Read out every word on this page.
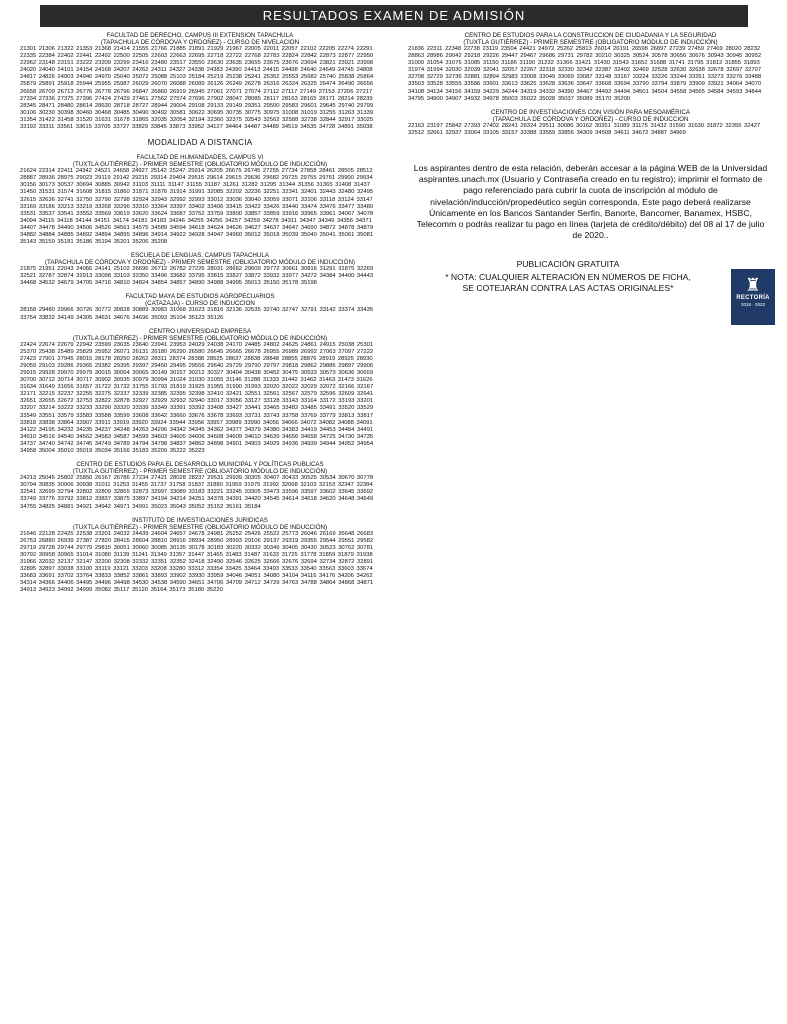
RESULTADOS EXAMEN DE ADMISIÓN
FACULTAD DE DERECHO, CAMPUS III EXTENSION TAPACHULA
(TAPACHULA DE CÓRDOVA Y ORDOÑEZ) - CURSO DE NIVELACION
21301 21306 21322 21353 21368 21414 21555 21766 21885 21891 21929 21967 22005 22011 22057 22102 22205 22274 22291 22335 22384 22402 22441 22492 22500 22505 22603 22663 22695 22718 22722 22768 22783 22824 22842 22873 22877 22950 22962 23148 23151 23222 23209 23299 23416 23480 23517 23550 23630 23635 23655 23675 23676 23694 23821 23921 23998 24020 24040 24101 24154 24168 24207 24262 24311 24327 24338 24383 24390 24413 24415 24498 24640 24649 24745 24808 24817 24826 24903 24940 24970 25040 25072 25088 25103 25184 25219 25238 25241 25352 25553 25682 25740 25838 25864 25879 25891 25918 25944 25955 25987 26029 26070 26088 26089 26126 26249 26278 26316 26324 26325 26474 26490 26656 26658 26709 26713 26776 26778 26796 26847 26860 26919 26945 27061 27071 27074 27112 27117 27149 27153 27206 27217 27334 27336 27375 27396 27424 27429 27461 27562 27574 27696 27902 28047 28085 28117 28163 28165 28171 28214 28239 28345 28471 28480 28614 28630 28718 28727 28944 29004 29108 29133 29149 29351 29500 29583 29601 29645 29740 29799 30106 30230 30398 30460 30468 30485 30490 30492 30581 30622 30695 30735 30775 30975 31008 31019 31255 31263 31339 31354 31422 31458 31520 31631 31678 31865 32035 32054 32194 32360 32375 32543 32562 32588 32738 32844 32917 33025 33192 33311 33561 33615 33705 33727 33829 33845 33873 33952 34127 34464 34487 34489 34519 34535 34728 34891 35038
MODALIDAD A DISTANCIA
FACULTAD DE HUMANIDADES, CAMPUS VI
(TUXTLA GUTIÉRREZ) - PRIMER SEMESTRE (OBLIGATORIO MÓDULO DE INDUCCIÓN)
21624 22314 22411 24342 24521 24658 24927 25142 25247 25914 26205 26675 26745 27255 27734 27858 28461 28505 28512 28887 28936 28975 29023 29119 29142 29215 29314 29404 29515 29614 29615 29636 29682 29725 29755 29761 29900 29934 30156 30173 30537 30694 30885 30942 31103 31111 31147 31155 31187 31261 31282 31295 31344 31356 31365 31408 31437 31450 31531 31574 31608 31815 31860 31871 31876 31914 31991 32085 32202 32236 32251 32341 32401 32443 32480 32495 32615 32636 32741 32750 32790 32798 32924 32943 32992 32993 33012 33036 33040 33059 33071 33106 33118 33124 33147 33169 33186 33213 33219 33268 33296 33310 33364 33397 33402 33406 33415 33422 33426 33440 33474 33476 33477 33480 33531 33537 33541 33552 33569 33619 33620 33624 33687 33752 33759 33800 33857 33859 33916 33965 33961 34067 34078 34094 34115 34118 34144 34151 34174 34181 34183 34246 34255 34256 34257 34259 34278 34311 34347 34349 34356 34371 34407 34478 34490 34506 34526 34561 34575 34589 34594 34618 34624 34626 34627 34637 34647 34690 34872 34878 34879 34882 34884 34885 34892 34894 34895 34896 34914 34922 34928 34947 34960 35012 35018 35039 35040 35041 35061 35081 35143 35159 35181 35186 35194 35201 35206 35208
ESCUELA DE LENGUAS, CAMPUS TAPACHULA
(TAPACHULA DE CÓRDOVA Y ORDOÑEZ) - PRIMER SEMESTRE (OBLIGATORIO MÓDULO DE INDUCCIÓN)
21875 21951 22043 24066 24141 25102 26696 26712 26782 27226 28031 28662 29609 29772 30661 30816 31291 31875 32269 32521 32787 32874 32913 33098 33103 33350 33496 33682 33795 33815 33827 33872 33932 33977 34272 34384 34400 34443 34468 34532 34679 34705 34716 34810 34824 34854 34857 34890 34988 34995 35013 35150 35178 35198
FACULTAD MAYA DE ESTUDIOS AGROPECUARIOS
(CATAZAJA) - CURSO DE INDUCCION
28158 29480 29966 30726 30772 30828 30889 30983 31068 31623 31816 32136 32535 32740 32747 32791 33142 33374 33435 33754 33832 34149 34305 34631 34676 34696 35093 35104 35123 35126
CENTRO UNIVERSIDAD EMPRESA
(TUXTLA GUTIÉRREZ) - PRIMER SEMESTRE (OBLIGATORIO MÓDULO DE INDUCCIÓN)
22424 22674 22679 22942 23599 23635 23640 23941 23953 24029 24038 24170 24485 24802 24625 24861 24915 25038 25301 25370 25438 25489 25829 25952 26071 26131 26180 26290 26580 26645 26665 26678 26955 26989 26992 27063 27097 27222 27423 27901 27945 28015 28178 28250 28262 28311 28374 28388 28525 28637 28838 28848 28855 28876 28919 28925 28930 29059 29103 29286 29365 29382 29395 29397 29450 29495 29556 29640 29729 29790 29797 29818 29862 29886 29897 29906 29915 29928 29970 29979 30015 30064 30065 30149 30157 30212 30327 30404 30438 30452 30475 30533 30573 30636 30659 30700 30712 30714 30717 30902 30935 30979 30994 31024 31030 31055 31146 31288 31333 31442 31462 31463 31473 31626 31634 31649 31656 31657 31722 31732 31755 31793 31819 31925 31955 31990 31993 32020 32022 32029 32072 32166 32167 32171 32215 32237 32255 32275 32337 32339 32385 32395 32398 32410 32421 32551 32561 32567 32579 32596 32609 32641 32651 32655 32672 32753 32822 32878 32927 32929 32932 32940 33017 33056 33127 33128 33143 33164 33172 33193 33201 33207 33214 33222 33233 33290 33320 33339 33349 33391 33392 33408 33427 33441 33465 33482 33485 33491 33520 33529 33549 33551 33579 33583 33588 33599 33608 33642 33660 33676 33678 33693 33731 33743 33758 33769 33779 33813 33817 33818 33838 33864 33907 33911 33919 33920 33924 33944 33956 33957 33989 33990 34056 34066 34072 34082 34088 34091 34122 34195 34232 34235 34237 34248 34263 34296 34342 34345 34362 34377 34379 34380 34383 34419 34453 34484 34491 34510 34516 34540 34562 34583 34587 34599 34603 34605 34606 34608 34609 34610 34639 34656 34658 34725 34730 34735 34737 34740 34742 34745 34749 34789 34794 34798 34837 34862 34898 34901 34903 34929 34936 34939 34944 34952 34954 34958 35004 35010 35019 35034 35166 35183 35209 35222 35223
CENTRO DE ESTUDIOS PARA EL DESARROLLO MUNICIPAL Y POLÍTICAS PUBLICAS
(TUXTLA GUTIÉRREZ) - PRIMER SEMESTRE (OBLIGATORIO MÓDULO DE INDUCCIÓN)
24213 25045 25802 25850 26167 26786 27234 27421 28028 28237 29531 29939 30305 30407 30433 30525 30534 30670 30778 30794 30835 30906 30938 31011 31253 31455 31737 31758 31837 31880 31959 31975 31992 32068 32103 32153 32347 32384 32541 32699 32794 32802 32809 32865 32873 32997 33089 33183 33221 33245 33305 33473 33596 33597 33602 33645 33692 33749 33776 33792 33812 33837 33875 33897 34194 34214 34251 34378 34391 34420 34545 34614 34618 34620 34648 34649 34755 34825 34881 34921 34942 34971 34991 35023 35043 35052 35152 35161 35184
INSTITUTO DE INVESTIGACIONES JURIDICAS
(TUXTLA GUTIÉRREZ) - PRIMER SEMESTRE (OBLIGATORIO MÓDULO DE INDUCCIÓN)
21646 22128 22425 22538 23201 24032 24439 24604 24657 24678 24981 25252 25426 25522 25773 26046 26169 26648 26683 26753 26880 26939 27387 27820 28415 28604 28810 28916 28934 28950 28993 29106 29137 29319 29355 29544 29551 29582 29719 29728 29744 29779 29815 30051 30060 30085 30135 30178 30183 30220 30332 30349 30405 30430 30523 30762 30781 30792 30958 30965 31014 31080 31139 31241 31349 31357 31447 31465 31483 31487 31633 31725 31778 31859 31879 31938 31966 32032 32137 32147 32200 32308 32332 32351 32352 32418 32490 32546 32625 32666 32676 32694 32734 32872 32891 32895 32897 33038 33100 33119 33121 33203 33208 33280 33312 33354 33425 33464 33493 33533 33540 33563 33603 33674 33683 33691 33702 33764 33833 33852 33861 33893 33902 33930 33959 34046 34051 34080 34104 34116 34176 34206 34262 34314 34366 34406 34495 34496 34498 34530 34538 34590 34651 34706 34709 34712 34729 34763 34788 34864 34868 34871 34913 34923 34992 34999 35082 35117 35120 35164 35173 35180 35220
CENTRO DE ESTUDIOS PARA LA CONSTRUCCION DE CIUDADANIA Y LA SEGURIDAD
(TUXTLA GUTIÉRREZ) - PRIMER SEMESTRE (OBLIGATORIO MÓDULO DE INDUCCIÓN)
21836 22311 22348 22738 23119 23504 24421 24972 25262 25813 26014 26191 26598 26897 27239 27459 27469 28020 28232 28863 28986 29042 29218 29226 29447 29467 29686 29731 29782 30210 30325 30524 30578 30656 30676 30943 30945 30952 31000 31054 31076 31085 31150 31186 31190 31232 31366 31421 31430 31543 31652 31688 31741 31795 31812 31855 31893 31974 31994 32030 32039 32041 32057 32267 32318 32330 32342 32387 32402 32469 32528 32630 32638 32678 32697 32707 32708 32729 32736 32881 32894 32983 33008 33049 33069 33087 33148 33167 33224 33226 33244 33261 33273 33276 33488 33503 33528 33555 33586 33601 33613 33625 33628 33636 33647 33668 33694 33790 33794 33879 33909 33921 34064 34070 34108 34134 34156 34159 34229 34244 34319 34332 34390 34467 34492 34494 34501 34504 34558 34565 34584 34593 34844 34795 34900 34907 34932 34978 35003 35022 35028 35037 35089 35170 35200
CENTRO DE INVESTIGACIONES CON VISIÓN PARA MESOAMÉRICA
(TAPACHULA DE CÓRDOVA Y ORDOÑEZ) - CURSO DE INDUCCION
22163 23197 25842 27393 27402 28241 28324 29511 30086 30162 30351 31089 31175 31432 31590 31630 31872 32355 32427 32512 32661 32937 33064 33105 33157 33388 33559 33856 34309 34508 34611 34672 34887 34969
Los aspirantes dentro de esta relación, deberán accesar a la página WEB de la Universidad aspirantes.unach.mx (Usuario y Contraseña creado en tu registro); imprimir el formato de pago referenciado para cubrir la cuota de inscripción al módulo de nivelación/inducción/propedéutico según corresponda. Este pago deberá realizarse Únicamente en los Bancos Santander Serfin, Banorte, Bancomer, Banamex, HSBC, Telecomm o podrás realizar tu pago en línea (tarjeta de crédito/débito) del 08 al 17 de julio de 2020..
♜
RECTORÍA
2018 · 2022
PUBLICACIÓN GRATUITA
* NOTA: CUALQUIER ALTERACIÓN EN NÚMEROS DE FICHA,
SE COTEJARÁN CONTRA LAS ACTAS ORIGINALES*
